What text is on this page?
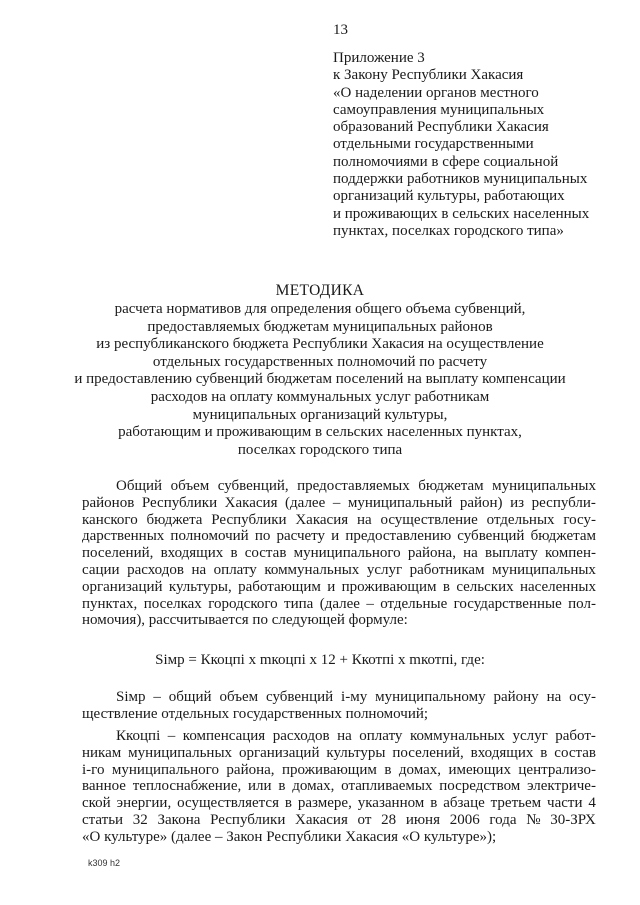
13
Приложение 3
к Закону Республики Хакасия
«О наделении органов местного
самоуправления муниципальных
образований Республики Хакасия
отдельными государственными
полномочиями в сфере социальной
поддержки работников муниципальных
организаций культуры, работающих
и проживающих в сельских населенных
пунктах, поселках городского типа»
МЕТОДИКА
расчета нормативов для определения общего объема субвенций,
предоставляемых бюджетам муниципальных районов
из республиканского бюджета Республики Хакасия на осуществление
отдельных государственных полномочий по расчету
и предоставлению субвенций бюджетам поселений на выплату компенсации
расходов на оплату коммунальных услуг работникам
муниципальных организаций культуры,
работающим и проживающим в сельских населенных пунктах,
поселках городского типа
Общий объем субвенций, предоставляемых бюджетам муниципальных
районов Республики Хакасия (далее – муниципальный район) из республи-
канского бюджета Республики Хакасия на осуществление отдельных госу-
дарственных полномочий по расчету и предоставлению субвенций бюджетам
поселений, входящих в состав муниципального района, на выплату компен-
сации расходов на оплату коммунальных услуг работникам муниципальных
организаций культуры, работающим и проживающим в сельских населенных
пунктах, поселках городского типа (далее – отдельные государственные пол-
номочия), рассчитывается по следующей формуле:
Siмр = Ккоцпі х mкоцпі х 12 + Ккотпі х mкотпі, где:
Siмр – общий объем субвенций i-му муниципальному району на осу-
ществление отдельных государственных полномочий;
Ккоцпі – компенсация расходов на оплату коммунальных услуг работ-
никам муниципальных организаций культуры поселений, входящих в состав
i-го муниципального района, проживающим в домах, имеющих централизо-
ванное теплоснабжение, или в домах, отапливаемых посредством электриче-
ской энергии, осуществляется в размере, указанном в абзаце третьем части 4
статьи 32 Закона Республики Хакасия от 28 июня 2006 года № 30-ЗРХ
«О культуре» (далее – Закон Республики Хакасия «О культуре»);
k309 h2
